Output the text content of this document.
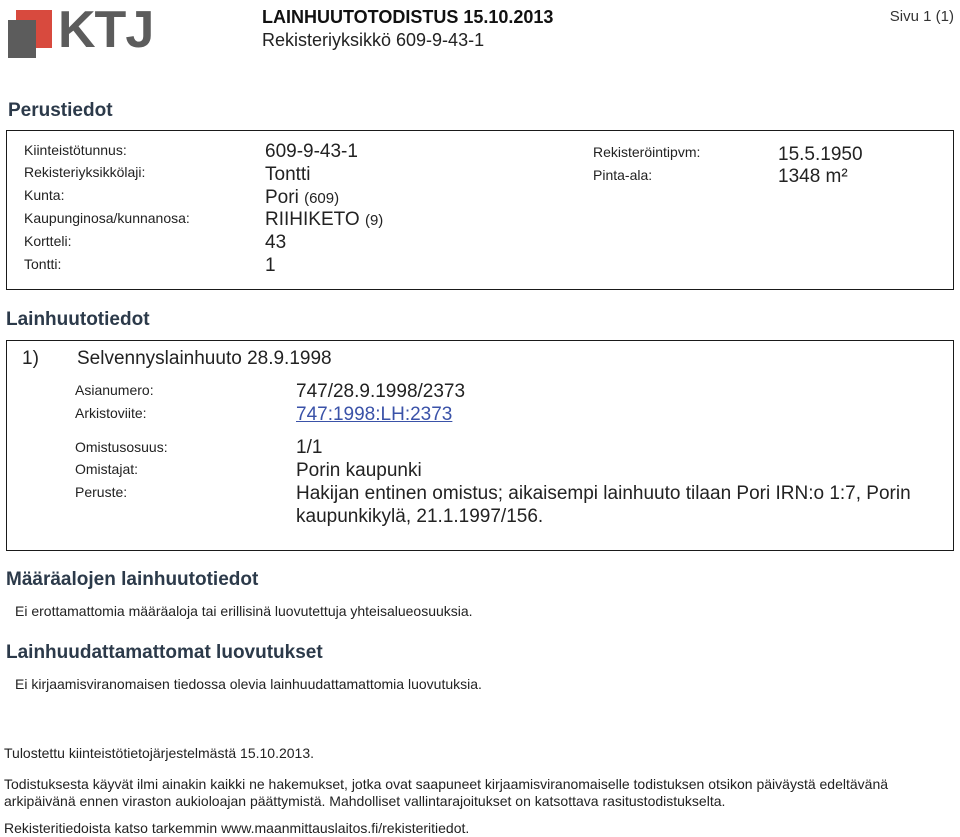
KTJ	LAINHUUTOTODISTUS 15.10.2013
Rekisteriyksikkö 609-9-43-1
Sivu 1 (1)
Perustiedot
Kiinteistötunnus:	609-9-43-1
Rekisteriyksikkölaji:	Tontti
Kunta:	Pori (609)
Kaupunginosa/kunnanosa:	RIIHIKETO (9)
Kortteli:	43
Tontti:	1
Rekisteröintipvm:	15.5.1950
Pinta-ala:	1348 m²
Lainhuutotiedot
1) Selvennyslainhuuto 28.9.1998
Asianumero:	747/28.9.1998/2373
Arkistoviite:	747:1998:LH:2373
Omistusosuus:	1/1
Omistajat:	Porin kaupunki
Peruste:	Hakijan entinen omistus; aikaisempi lainhuuto tilaan Pori IRN:o 1:7, Porin
kaupunkikylä, 21.1.1997/156.
Määräalojen lainhuutotiedot
Ei erottamattomia määräaloja tai erillisinä luovutettuja yhteisalueosuuksia.
Lainhuudattamattomat luovutukset
Ei kirjaamisviranomaisen tiedossa olevia lainhuudattamattomia luovutuksia.
Tulostettu kiinteistötietojärjestelmästä 15.10.2013.
Todistuksesta käyvät ilmi ainakin kaikki ne hakemukset, jotka ovat saapuneet kirjaamisviranomaiselle todistuksen otsikon päiväystä edeltävänä
arkipäivänä ennen viraston aukioloajan päättymistä. Mahdolliset vallintarajoitukset on katsottava rasitustodistukselta.
Rekisteritiedoista katso tarkemmin www.maanmittauslaitos.fi/rekisteritiedot.
